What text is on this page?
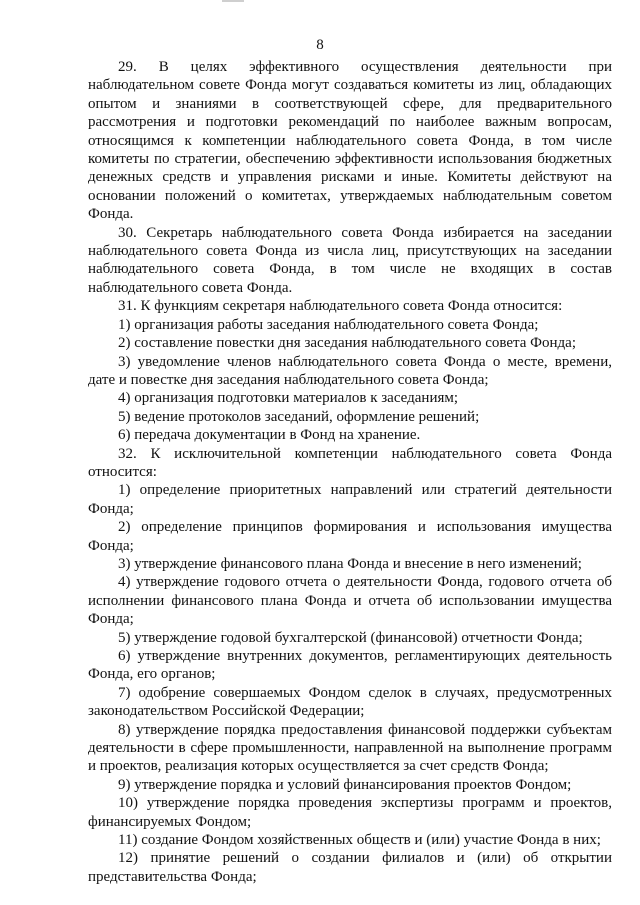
8

29. В целях эффективного осуществления деятельности при наблюдательном совете Фонда могут создаваться комитеты из лиц, обладающих опытом и знаниями в соответствующей сфере, для предварительного рассмотрения и подготовки рекомендаций по наиболее важным вопросам, относящимся к компетенции наблюдательного совета Фонда, в том числе комитеты по стратегии, обеспечению эффективности использования бюджетных денежных средств и управления рисками и иные. Комитеты действуют на основании положений о комитетах, утверждаемых наблюдательным советом Фонда.

30. Секретарь наблюдательного совета Фонда избирается на заседании наблюдательного совета Фонда из числа лиц, присутствующих на заседании наблюдательного совета Фонда, в том числе не входящих в состав наблюдательного совета Фонда.

31. К функциям секретаря наблюдательного совета Фонда относится:

1) организация работы заседания наблюдательного совета Фонда;

2) составление повестки дня заседания наблюдательного совета Фонда;

3) уведомление членов наблюдательного совета Фонда о месте, времени, дате и повестке дня заседания наблюдательного совета Фонда;

4) организация подготовки материалов к заседаниям;

5) ведение протоколов заседаний, оформление решений;

6) передача документации в Фонд на хранение.

32. К исключительной компетенции наблюдательного совета Фонда относится:

1) определение приоритетных направлений или стратегий деятельности Фонда;

2) определение принципов формирования и использования имущества Фонда;

3) утверждение финансового плана Фонда и внесение в него изменений;

4) утверждение годового отчета о деятельности Фонда, годового отчета об исполнении финансового плана Фонда и отчета об использовании имущества Фонда;

5) утверждение годовой бухгалтерской (финансовой) отчетности Фонда;

6) утверждение внутренних документов, регламентирующих деятельность Фонда, его органов;

7) одобрение совершаемых Фондом сделок в случаях, предусмотренных законодательством Российской Федерации;

8) утверждение порядка предоставления финансовой поддержки субъектам деятельности в сфере промышленности, направленной на выполнение программ и проектов, реализация которых осуществляется за счет средств Фонда;

9) утверждение порядка и условий финансирования проектов Фондом;

10) утверждение порядка проведения экспертизы программ и проектов, финансируемых Фондом;

11) создание Фондом хозяйственных обществ и (или) участие Фонда в них;

12) принятие решений о создании филиалов и (или) об открытии представительства Фонда;
